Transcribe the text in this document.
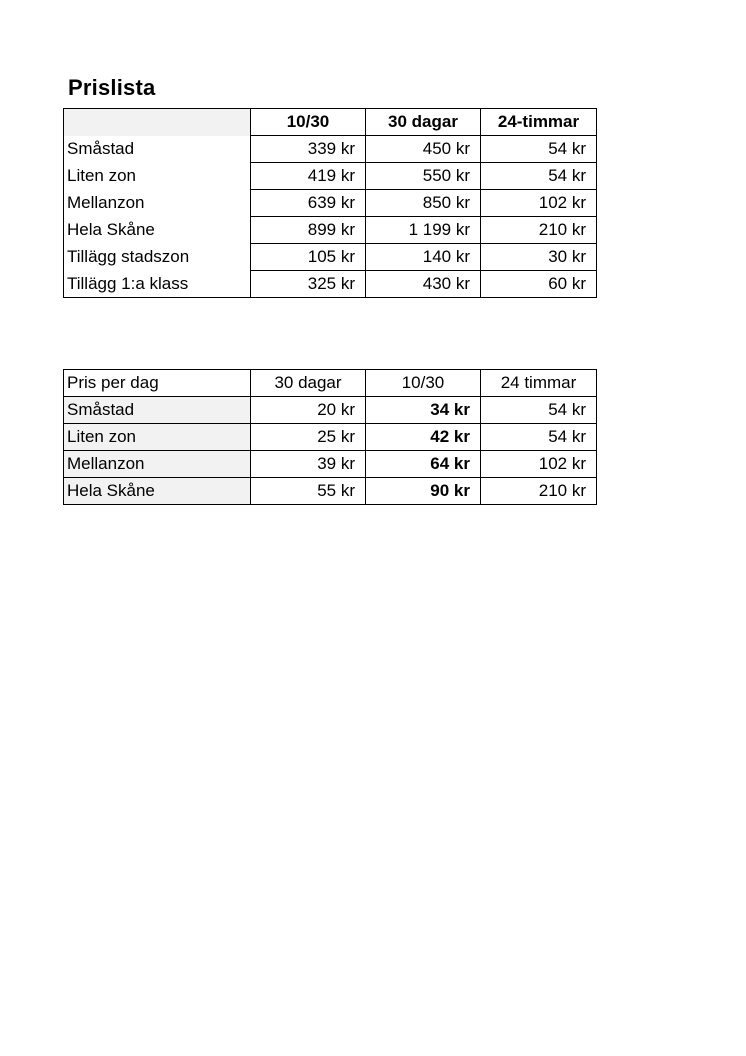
Prislista
	10/30	30 dagar	24-timmar
Småstad	339 kr	450 kr	54 kr
Liten zon	419 kr	550 kr	54 kr
Mellanzon	639 kr	850 kr	102 kr
Hela Skåne	899 kr	1 199 kr	210 kr
Tillägg stadszon	105 kr	140 kr	30 kr
Tillägg 1:a klass	325 kr	430 kr	60 kr
Pris per dag	30 dagar	10/30	24 timmar
Småstad	20 kr	34 kr	54 kr
Liten zon	25 kr	42 kr	54 kr
Mellanzon	39 kr	64 kr	102 kr
Hela Skåne	55 kr	90 kr	210 kr
